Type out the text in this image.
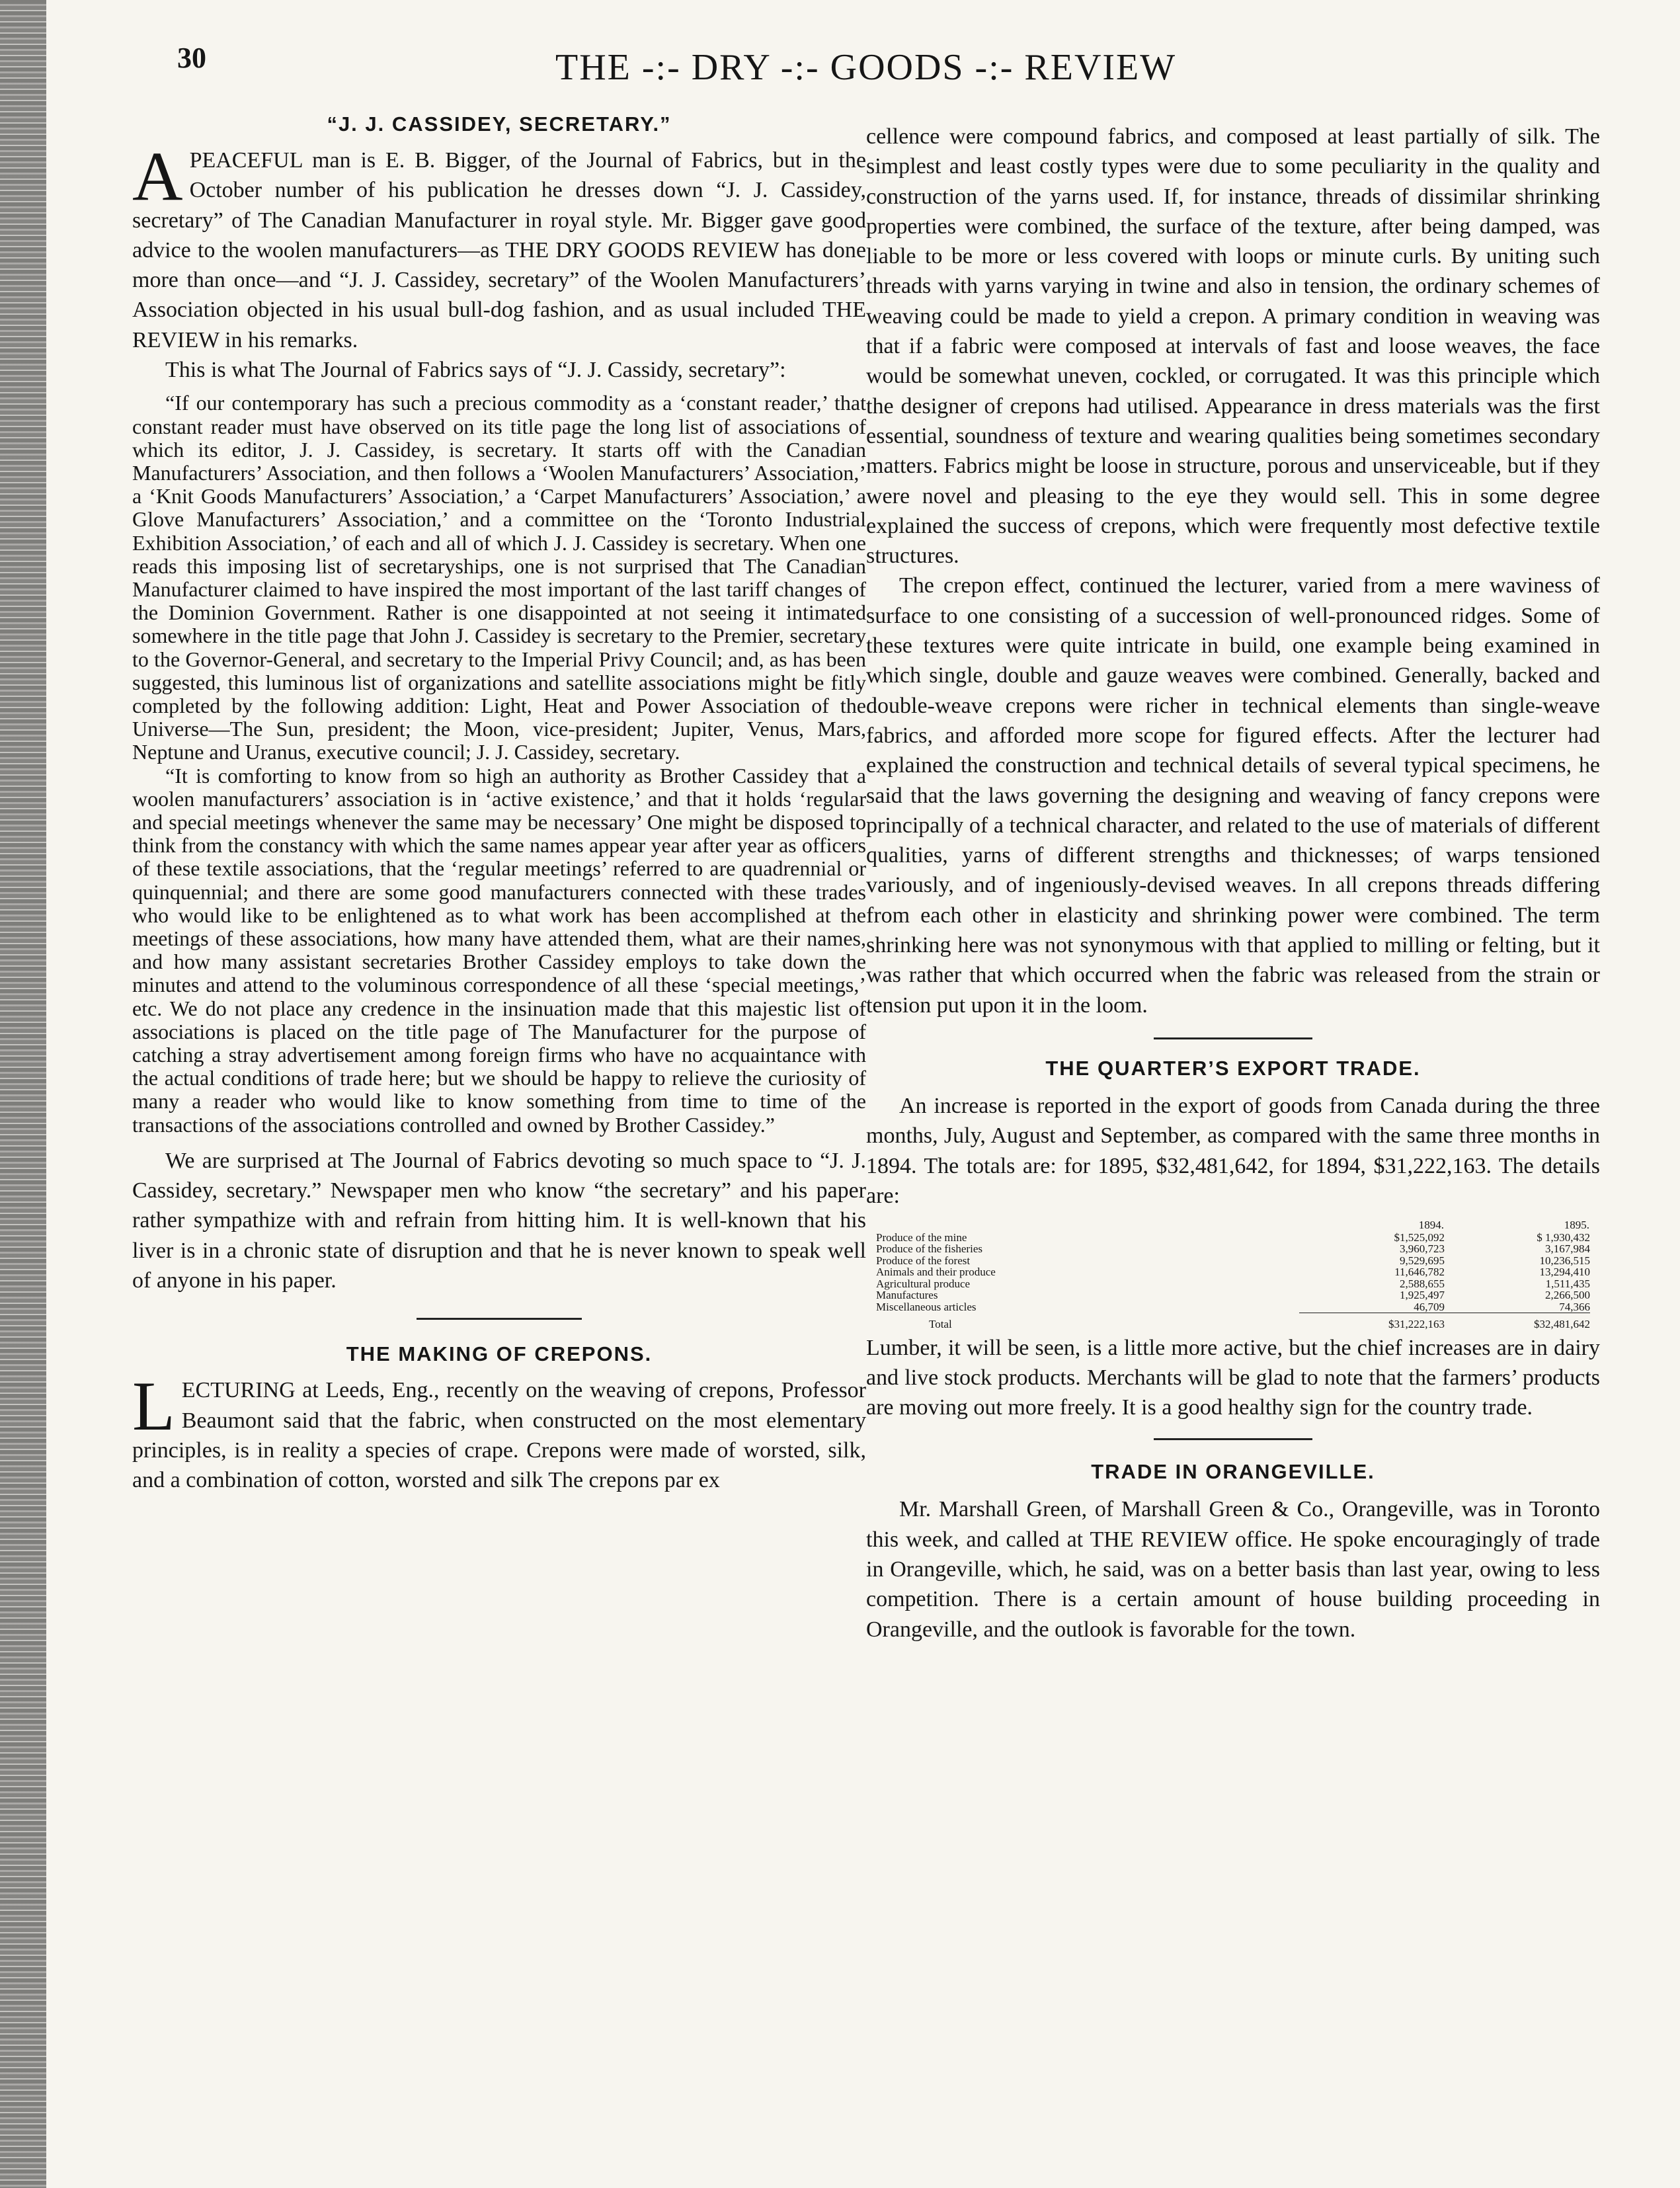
30	THE -:- DRY -:- GOODS -:- REVIEW
“J. J. CASSIDEY, SECRETARY.”

APEACEFUL man is E. B. Bigger, of the Journal of Fabrics, but in the October number of his publication he dresses down “J. J. Cassidey, secretary” of The Canadian Manufacturer in royal style. Mr. Bigger gave good advice to the woolen manufacturers—as THE DRY GOODS REVIEW has done more than once—and “J. J. Cassidey, secretary” of the Woolen Manufacturers’ Association objected in his usual bull-dog fashion, and as usual included THE REVIEW in his remarks.

This is what The Journal of Fabrics says of “J. J. Cassidy, secretary”:

“If our contemporary has such a precious commodity as a ‘constant reader,’ that constant reader must have observed on its title page the long list of associations of which its editor, J. J. Cassidey, is secretary. It starts off with the Canadian Manufacturers’ Association, and then follows a ‘Woolen Manufacturers’ Association,’ a ‘Knit Goods Manufacturers’ Association,’ a ‘Carpet Manufacturers’ Association,’ a Glove Manufacturers’ Association,’ and a committee on the ‘Toronto Industrial Exhibition Association,’ of each and all of which J. J. Cassidey is secretary. When one reads this imposing list of secretaryships, one is not surprised that The Canadian Manufacturer claimed to have inspired the most important of the last tariff changes of the Dominion Government. Rather is one disappointed at not seeing it intimated somewhere in the title page that John J. Cassidey is secretary to the Premier, secretary to the Governor-General, and secretary to the Imperial Privy Council; and, as has been suggested, this luminous list of organizations and satellite associations might be fitly completed by the following addition: Light, Heat and Power Association of the Universe—The Sun, president; the Moon, vice-president; Jupiter, Venus, Mars, Neptune and Uranus, executive council; J. J. Cassidey, secretary.

“It is comforting to know from so high an authority as Brother Cassidey that a woolen manufacturers’ association is in ‘active existence,’ and that it holds ‘regular and special meetings whenever the same may be necessary’ One might be disposed to think from the constancy with which the same names appear year after year as officers of these textile associations, that the ‘regular meetings’ referred to are quadrennial or quinquennial; and there are some good manufacturers connected with these trades who would like to be enlightened as to what work has been accomplished at the meetings of these associations, how many have attended them, what are their names, and how many assistant secretaries Brother Cassidey employs to take down the minutes and attend to the voluminous correspondence of all these ‘special meetings,’ etc. We do not place any credence in the insinuation made that this majestic list of associations is placed on the title page of The Manufacturer for the purpose of catching a stray advertisement among foreign firms who have no acquaintance with the actual conditions of trade here; but we should be happy to relieve the curiosity of many a reader who would like to know something from time to time of the transactions of the associations controlled and owned by Brother Cassidey.”

We are surprised at The Journal of Fabrics devoting so much space to “J. J. Cassidey, secretary.” Newspaper men who know “the secretary” and his paper rather sympathize with and refrain from hitting him. It is well-known that his liver is in a chronic state of disruption and that he is never known to speak well of anyone in his paper.

THE MAKING OF CREPONS.

LECTURING at Leeds, Eng., recently on the weaving of crepons, Professor Beaumont said that the fabric, when constructed on the most elementary principles, is in reality a species of crape. Crepons were made of worsted, silk, and a combination of cotton, worsted and silk The crepons par ex

cellence were compound fabrics, and composed at least partially of silk. The simplest and least costly types were due to some peculiarity in the quality and construction of the yarns used. If, for instance, threads of dissimilar shrinking properties were combined, the surface of the texture, after being damped, was liable to be more or less covered with loops or minute curls. By uniting such threads with yarns varying in twine and also in tension, the ordinary schemes of weaving could be made to yield a crepon. A primary condition in weaving was that if a fabric were composed at intervals of fast and loose weaves, the face would be somewhat uneven, cockled, or corrugated. It was this principle which the designer of crepons had utilised. Appearance in dress materials was the first essential, soundness of texture and wearing qualities being sometimes secondary matters. Fabrics might be loose in structure, porous and unserviceable, but if they were novel and pleasing to the eye they would sell. This in some degree explained the success of crepons, which were frequently most defective textile structures.

The crepon effect, continued the lecturer, varied from a mere waviness of surface to one consisting of a succession of well-pronounced ridges. Some of these textures were quite intricate in build, one example being examined in which single, double and gauze weaves were combined. Generally, backed and double-weave crepons were richer in technical elements than single-weave fabrics, and afforded more scope for figured effects. After the lecturer had explained the construction and technical details of several typical specimens, he said that the laws governing the designing and weaving of fancy crepons were principally of a technical character, and related to the use of materials of different qualities, yarns of different strengths and thicknesses; of warps tensioned variously, and of ingeniously-devised weaves. In all crepons threads differing from each other in elasticity and shrinking power were combined. The term shrinking here was not synonymous with that applied to milling or felting, but it was rather that which occurred when the fabric was released from the strain or tension put upon it in the loom.

THE QUARTER’S EXPORT TRADE.

An increase is reported in the export of goods from Canada during the three months, July, August and September, as compared with the same three months in 1894. The totals are: for 1895, $32,481,642, for 1894, $31,222,163. The details are:

	1894.	1895.
Produce of the mine	$1,525,092	$ 1,930,432
Produce of the fisheries	3,960,723	3,167,984
Produce of the forest	9,529,695	10,236,515
Animals and their produce	11,646,782	13,294,410
Agricultural produce	2,588,655	1,511,435
Manufactures	1,925,497	2,266,500
Miscellaneous articles	46,709	74,366
Total	$31,222,163	$32,481,642

Lumber, it will be seen, is a little more active, but the chief increases are in dairy and live stock products. Merchants will be glad to note that the farmers’ products are moving out more freely. It is a good healthy sign for the country trade.

TRADE IN ORANGEVILLE.

Mr. Marshall Green, of Marshall Green & Co., Orangeville, was in Toronto this week, and called at THE REVIEW office. He spoke encouragingly of trade in Orangeville, which, he said, was on a better basis than last year, owing to less competition. There is a certain amount of house building proceeding in Orangeville, and the outlook is favorable for the town.
